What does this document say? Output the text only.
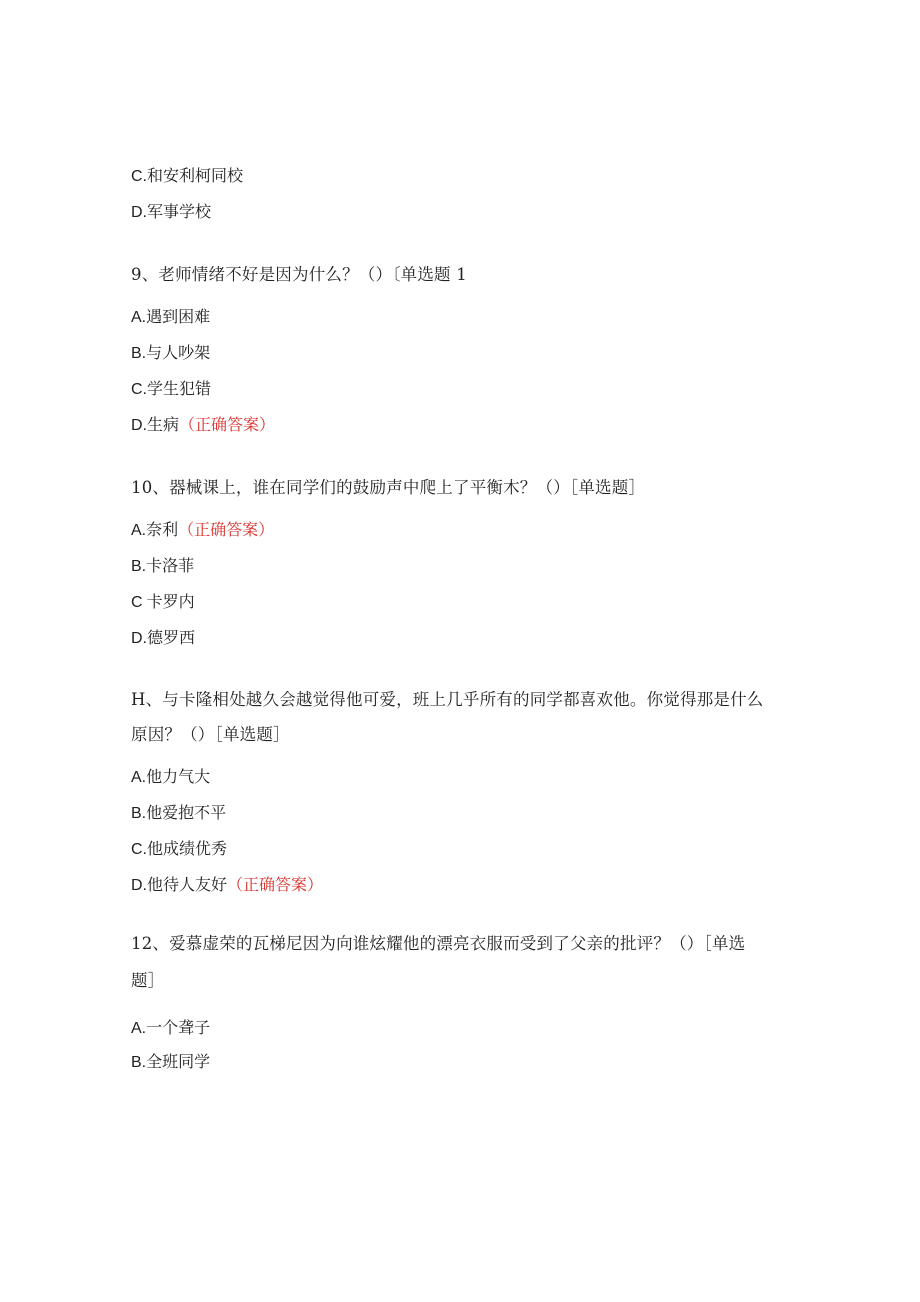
C.和安利柯同校
D.军事学校
9、老师情绪不好是因为什么？（）〔单选题 1
A.遇到困难
B.与人吵架
C.学生犯错
D.生病（正确答案）
10、器械课上，谁在同学们的鼓励声中爬上了平衡木？（）［单选题］
A.奈利（正确答案）
B.卡洛菲
C 卡罗内
D.德罗西
H、与卡隆相处越久会越觉得他可爱，班上几乎所有的同学都喜欢他。你觉得那是什么
原因？（）［单选题］
A.他力气大
B.他爱抱不平
C.他成绩优秀
D.他待人友好（正确答案）
12、爱慕虚荣的瓦梯尼因为向谁炫耀他的漂亮衣服而受到了父亲的批评？（）［单选
题］
A.一个聋子
B.全班同学
